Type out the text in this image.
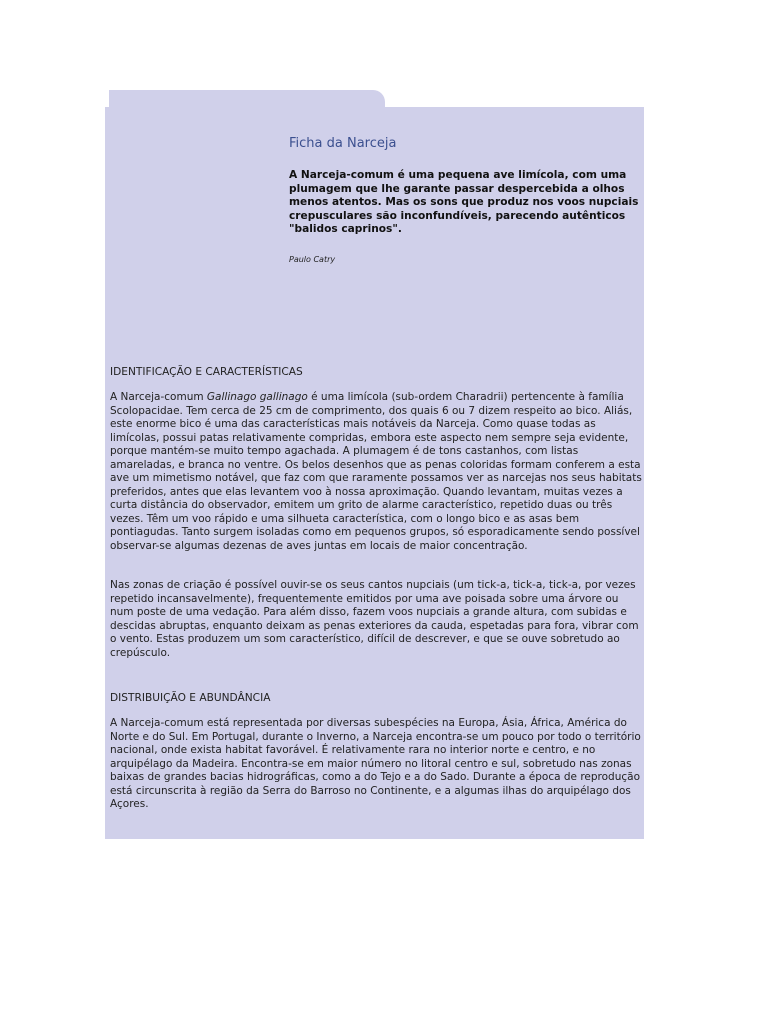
Ficha da Narceja

A Narceja-comum é uma pequena ave limícola, com uma plumagem que lhe garante passar despercebida a olhos menos atentos. Mas os sons que produz nos voos nupciais crepusculares são inconfundíveis, parecendo autênticos "balidos caprinos".

Paulo Catry

IDENTIFICAÇÃO E CARACTERÍSTICAS

A Narceja-comum Gallinago gallinago é uma limícola (sub-ordem Charadrii) pertencente à família Scolopacidae. Tem cerca de 25 cm de comprimento, dos quais 6 ou 7 dizem respeito ao bico. Aliás, este enorme bico é uma das características mais notáveis da Narceja. Como quase todas as limícolas, possui patas relativamente compridas, embora este aspecto nem sempre seja evidente, porque mantém-se muito tempo agachada. A plumagem é de tons castanhos, com listas amareladas, e branca no ventre. Os belos desenhos que as penas coloridas formam conferem a esta ave um mimetismo notável, que faz com que raramente possamos ver as narcejas nos seus habitats preferidos, antes que elas levantem voo à nossa aproximação. Quando levantam, muitas vezes a curta distância do observador, emitem um grito de alarme característico, repetido duas ou três vezes. Têm um voo rápido e uma silhueta característica, com o longo bico e as asas bem pontiagudas. Tanto surgem isoladas como em pequenos grupos, só esporadicamente sendo possível observar-se algumas dezenas de aves juntas em locais de maior concentração.

Nas zonas de criação é possível ouvir-se os seus cantos nupciais (um tick-a, tick-a, tick-a, por vezes repetido incansavelmente), frequentemente emitidos por uma ave poisada sobre uma árvore ou num poste de uma vedação. Para além disso, fazem voos nupciais a grande altura, com subidas e descidas abruptas, enquanto deixam as penas exteriores da cauda, espetadas para fora, vibrar com o vento. Estas produzem um som característico, difícil de descrever, e que se ouve sobretudo ao crepúsculo.

DISTRIBUIÇÃO E ABUNDÂNCIA

A Narceja-comum está representada por diversas subespécies na Europa, Ásia, África, América do Norte e do Sul. Em Portugal, durante o Inverno, a Narceja encontra-se um pouco por todo o território nacional, onde exista habitat favorável. É relativamente rara no interior norte e centro, e no arquipélago da Madeira. Encontra-se em maior número no litoral centro e sul, sobretudo nas zonas baixas de grandes bacias hidrográficas, como a do Tejo e a do Sado. Durante a época de reprodução está circunscrita à região da Serra do Barroso no Continente, e a algumas ilhas do arquipélago dos Açores.
